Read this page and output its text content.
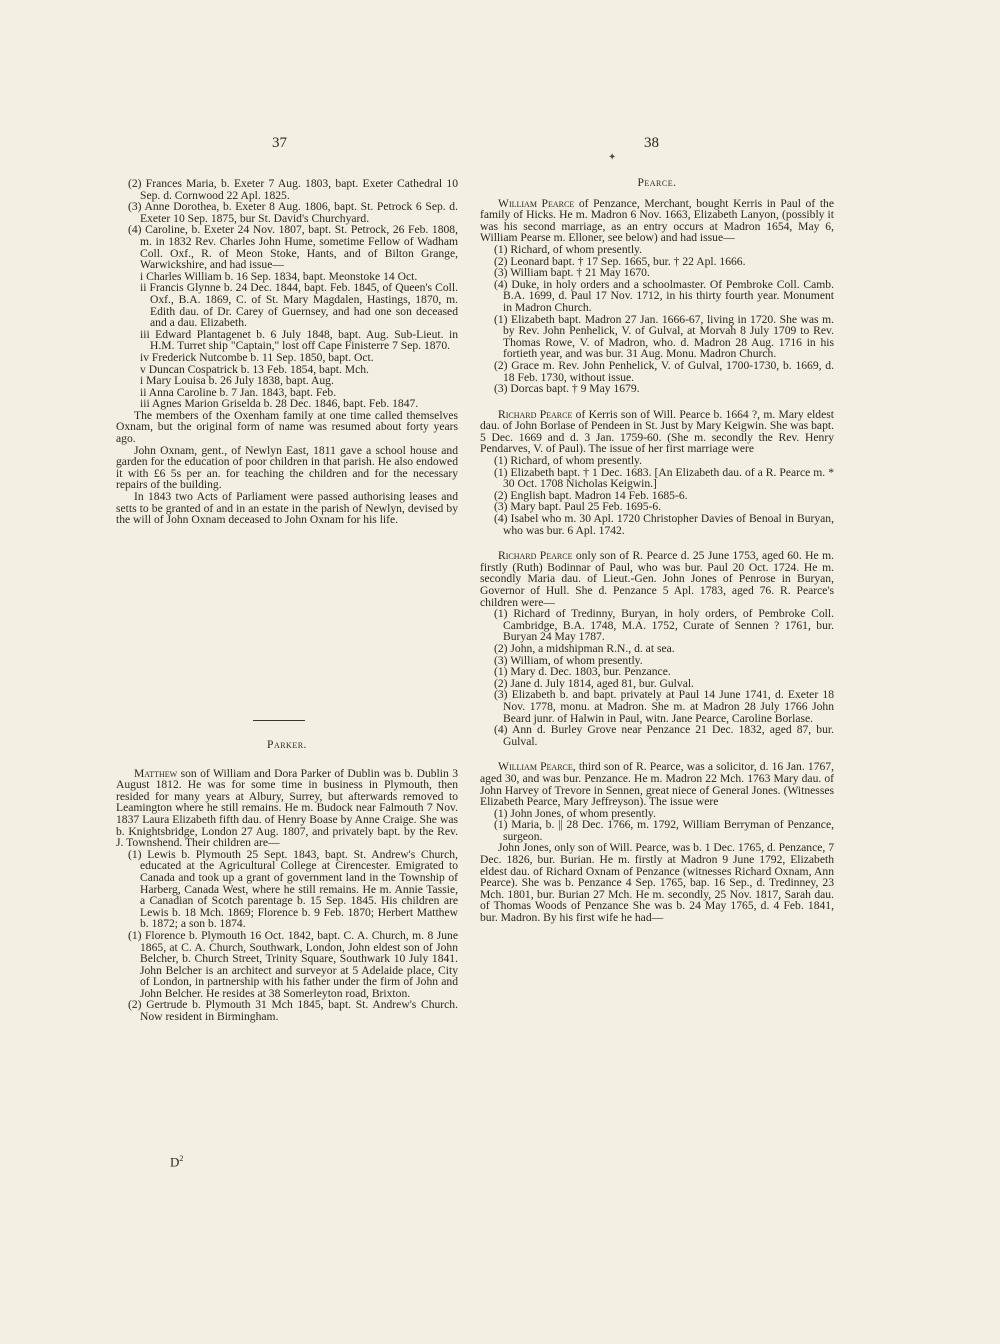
37	38
✦

(2) Frances Maria, b. Exeter 7 Aug. 1803, bapt. Exeter Cathedral 10 Sep. d. Cornwood 22 Apl. 1825.

(3) Anne Dorothea, b. Exeter 8 Aug. 1806, bapt. St. Petrock 6 Sep. d. Exeter 10 Sep. 1875, bur St. David's Churchyard.

(4) Caroline, b. Exeter 24 Nov. 1807, bapt. St. Petrock, 26 Feb. 1808, m. in 1832 Rev. Charles John Hume, sometime Fellow of Wadham Coll. Oxf., R. of Meon Stoke, Hants, and of Bilton Grange, Warwickshire, and had issue—

i Charles William b. 16 Sep. 1834, bapt. Meonstoke 14 Oct.

ii Francis Glynne b. 24 Dec. 1844, bapt. Feb. 1845, of Queen's Coll. Oxf., B.A. 1869, C. of St. Mary Magdalen, Hastings, 1870, m. Edith dau. of Dr. Carey of Guernsey, and had one son deceased and a dau. Elizabeth.

iii Edward Plantagenet b. 6 July 1848, bapt. Aug. Sub-Lieut. in H.M. Turret ship "Captain," lost off Cape Finisterre 7 Sep. 1870.

iv Frederick Nutcombe b. 11 Sep. 1850, bapt. Oct.

v Duncan Cospatrick b. 13 Feb. 1854, bapt. Mch.

i Mary Louisa b. 26 July 1838, bapt. Aug.

ii Anna Caroline b. 7 Jan. 1843, bapt. Feb.

iii Agnes Marion Griselda b. 28 Dec. 1846, bapt. Feb. 1847.

The members of the Oxenham family at one time called themselves Oxnam, but the original form of name was resumed about forty years ago.

John Oxnam, gent., of Newlyn East, 1811 gave a school house and garden for the education of poor children in that parish. He also endowed it with £6 5s per an. for teaching the children and for the necessary repairs of the building.

In 1843 two Acts of Parliament were passed authorising leases and setts to be granted of and in an estate in the parish of Newlyn, devised by the will of John Oxnam deceased to John Oxnam for his life.

Parker.

Matthew son of William and Dora Parker of Dublin was b. Dublin 3 August 1812. He was for some time in business in Plymouth, then resided for many years at Albury, Surrey, but afterwards removed to Leamington where he still remains. He m. Budock near Falmouth 7 Nov. 1837 Laura Elizabeth fifth dau. of Henry Boase by Anne Craige. She was b. Knightsbridge, London 27 Aug. 1807, and privately bapt. by the Rev. J. Townshend. Their children are—

(1) Lewis b. Plymouth 25 Sept. 1843, bapt. St. Andrew's Church, educated at the Agricultural College at Cirencester. Emigrated to Canada and took up a grant of government land in the Township of Harberg, Canada West, where he still remains. He m. Annie Tassie, a Canadian of Scotch parentage b. 15 Sep. 1845. His children are Lewis b. 18 Mch. 1869; Florence b. 9 Feb. 1870; Herbert Matthew b. 1872; a son b. 1874.

(1) Florence b. Plymouth 16 Oct. 1842, bapt. C. A. Church, m. 8 June 1865, at C. A. Church, Southwark, London, John eldest son of John Belcher, b. Church Street, Trinity Square, Southwark 10 July 1841. John Belcher is an architect and surveyor at 5 Adelaide place, City of London, in partnership with his father under the firm of John and John Belcher. He resides at 38 Somerleyton road, Brixton.

(2) Gertrude b. Plymouth 31 Mch 1845, bapt. St. Andrew's Church. Now resident in Birmingham.

$D^2$

Pearce.

William Pearce of Penzance, Merchant, bought Kerris in Paul of the family of Hicks. He m. Madron 6 Nov. 1663, Elizabeth Lanyon, (possibly it was his second marriage, as an entry occurs at Madron 1654, May 6, William Pearse m. Elloner, see below) and had issue—

(1) Richard, of whom presently.

(2) Leonard bapt. † 17 Sep. 1665, bur. † 22 Apl. 1666.

(3) William bapt. † 21 May 1670.

(4) Duke, in holy orders and a schoolmaster. Of Pembroke Coll. Camb. B.A. 1699, d. Paul 17 Nov. 1712, in his thirty fourth year. Monument in Madron Church.

(1) Elizabeth bapt. Madron 27 Jan. 1666-67, living in 1720. She was m. by Rev. John Penhelick, V. of Gulval, at Morvah 8 July 1709 to Rev. Thomas Rowe, V. of Madron, who. d. Madron 28 Aug. 1716 in his fortieth year, and was bur. 31 Aug. Monu. Madron Church.

(2) Grace m. Rev. John Penhelick, V. of Gulval, 1700-1730, b. 1669, d. 18 Feb. 1730, without issue.

(3) Dorcas bapt. † 9 May 1679.

Richard Pearce of Kerris son of Will. Pearce b. 1664 ?, m. Mary eldest dau. of John Borlase of Pendeen in St. Just by Mary Keigwin. She was bapt. 5 Dec. 1669 and d. 3 Jan. 1759-60. (She m. secondly the Rev. Henry Pendarves, V. of Paul). The issue of her first marriage were

(1) Richard, of whom presently.

(1) Elizabeth bapt. † 1 Dec. 1683. [An Elizabeth dau. of a R. Pearce m. * 30 Oct. 1708 Nicholas Keigwin.]

(2) English bapt. Madron 14 Feb. 1685-6.

(3) Mary bapt. Paul 25 Feb. 1695-6.

(4) Isabel who m. 30 Apl. 1720 Christopher Davies of Benoal in Buryan, who was bur. 6 Apl. 1742.

Richard Pearce only son of R. Pearce d. 25 June 1753, aged 60. He m. firstly (Ruth) Bodinnar of Paul, who was bur. Paul 20 Oct. 1724. He m. secondly Maria dau. of Lieut.-Gen. John Jones of Penrose in Buryan, Governor of Hull. She d. Penzance 5 Apl. 1783, aged 76. R. Pearce's children were—

(1) Richard of Tredinny, Buryan, in holy orders, of Pembroke Coll. Cambridge, B.A. 1748, M.A. 1752, Curate of Sennen ? 1761, bur. Buryan 24 May 1787.

(2) John, a midshipman R.N., d. at sea.

(3) William, of whom presently.

(1) Mary d. Dec. 1803, bur. Penzance.

(2) Jane d. July 1814, aged 81, bur. Gulval.

(3) Elizabeth b. and bapt. privately at Paul 14 June 1741, d. Exeter 18 Nov. 1778, monu. at Madron. She m. at Madron 28 July 1766 John Beard junr. of Halwin in Paul, witn. Jane Pearce, Caroline Borlase.

(4) Ann d. Burley Grove near Penzance 21 Dec. 1832, aged 87, bur. Gulval.

William Pearce, third son of R. Pearce, was a solicitor, d. 16 Jan. 1767, aged 30, and was bur. Penzance. He m. Madron 22 Mch. 1763 Mary dau. of John Harvey of Trevore in Sennen, great niece of General Jones. (Witnesses Elizabeth Pearce, Mary Jeffreyson). The issue were

(1) John Jones, of whom presently.

(1) Maria, b. || 28 Dec. 1766, m. 1792, William Berryman of Penzance, surgeon.

John Jones, only son of Will. Pearce, was b. 1 Dec. 1765, d. Penzance, 7 Dec. 1826, bur. Burian. He m. firstly at Madron 9 June 1792, Elizabeth eldest dau. of Richard Oxnam of Penzance (witnesses Richard Oxnam, Ann Pearce). She was b. Penzance 4 Sep. 1765, bap. 16 Sep., d. Tredinney, 23 Mch. 1801, bur. Burian 27 Mch. He m. secondly, 25 Nov. 1817, Sarah dau. of Thomas Woods of Penzance She was b. 24 May 1765, d. 4 Feb. 1841, bur. Madron. By his first wife he had—
